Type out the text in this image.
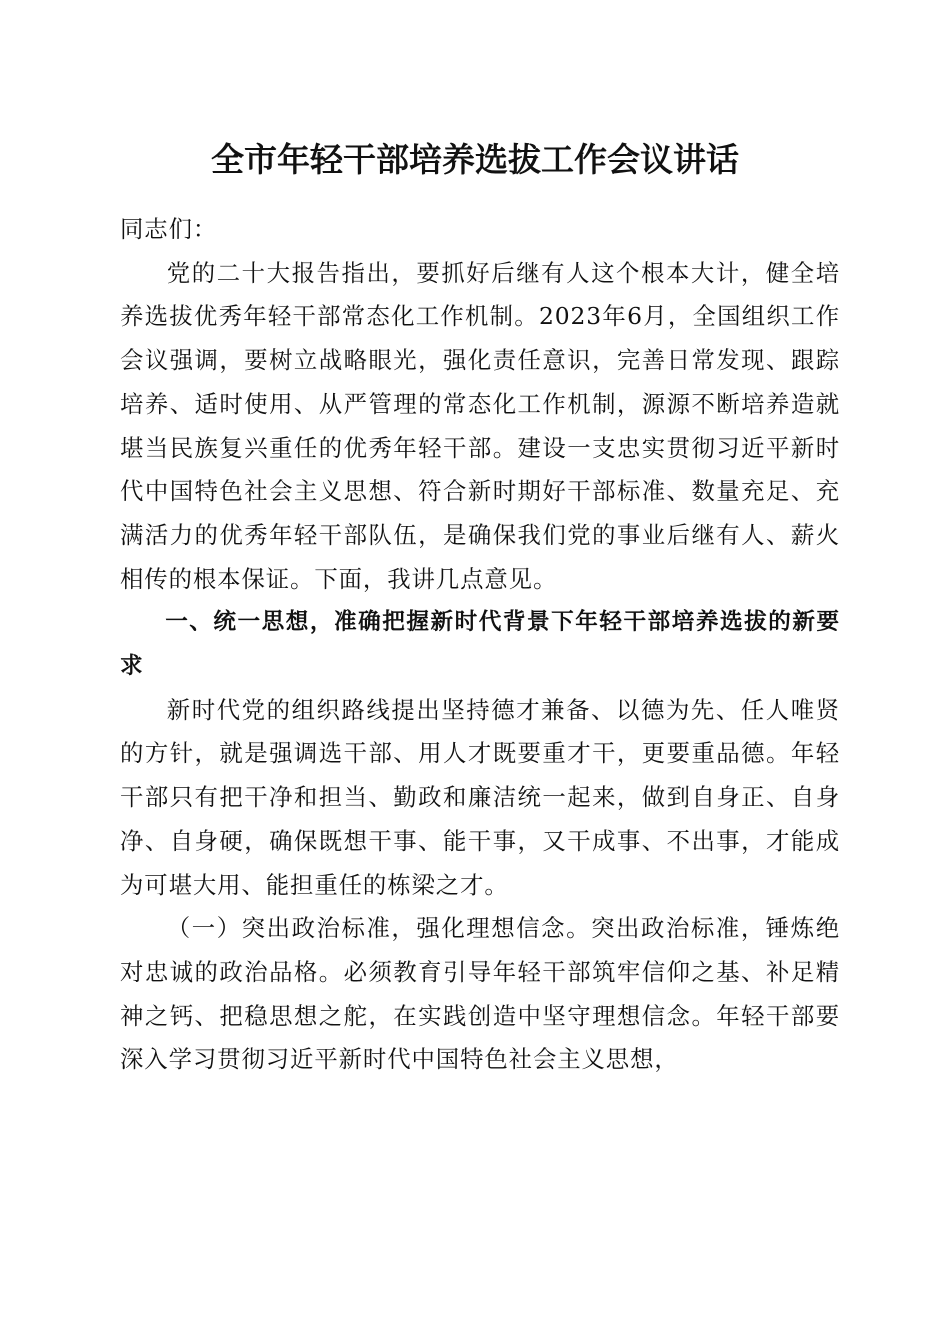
全市年轻干部培养选拔工作会议讲话

同志们：

党的二十大报告指出，要抓好后继有人这个根本大计，健全培养选拔优秀年轻干部常态化工作机制。2023年6月，全国组织工作会议强调，要树立战略眼光，强化责任意识，完善日常发现、跟踪培养、适时使用、从严管理的常态化工作机制，源源不断培养造就堪当民族复兴重任的优秀年轻干部。建设一支忠实贯彻习近平新时代中国特色社会主义思想、符合新时期好干部标准、数量充足、充满活力的优秀年轻干部队伍，是确保我们党的事业后继有人、薪火相传的根本保证。下面，我讲几点意见。

一、统一思想，准确把握新时代背景下年轻干部培养选拔的新要求

新时代党的组织路线提出坚持德才兼备、以德为先、任人唯贤的方针，就是强调选干部、用人才既要重才干，更要重品德。年轻干部只有把干净和担当、勤政和廉洁统一起来，做到自身正、自身净、自身硬，确保既想干事、能干事，又干成事、不出事，才能成为可堪大用、能担重任的栋梁之才。

（一）突出政治标准，强化理想信念。突出政治标准，锤炼绝对忠诚的政治品格。必须教育引导年轻干部筑牢信仰之基、补足精神之钙、把稳思想之舵，在实践创造中坚守理想信念。年轻干部要深入学习贯彻习近平新时代中国特色社会主义思想，
